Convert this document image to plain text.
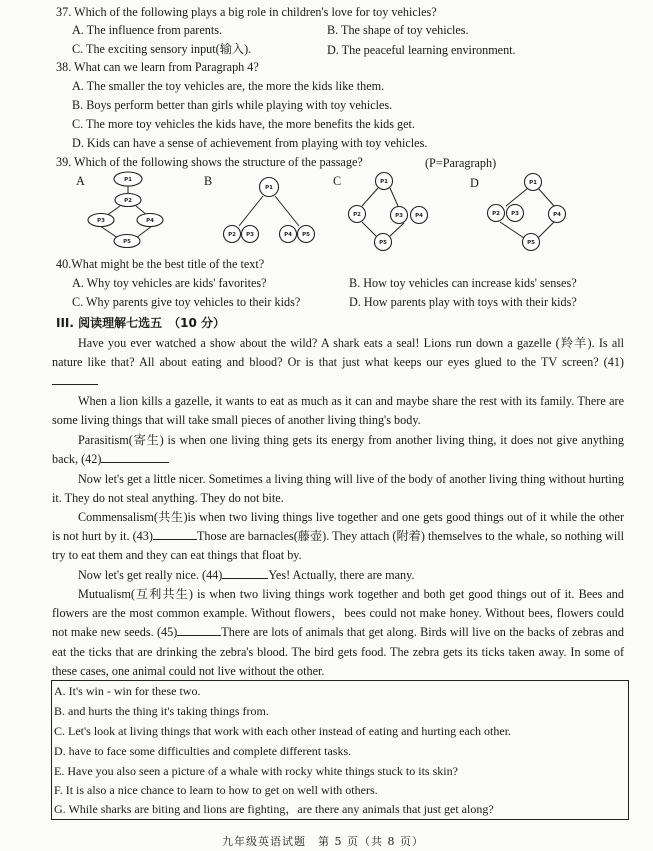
37. Which of the following plays a big role in children's love for toy vehicles?
A. The influence from parents.	B. The shape of toy vehicles.
C. The exciting sensory input(输入).	D. The peaceful learning environment.
38. What can we learn from Paragraph 4?
A. The smaller the toy vehicles are, the more the kids like them.
B. Boys perform better than girls while playing with toy vehicles.
C. The more toy vehicles the kids have, the more benefits the kids get.
D. Kids can have a sense of achievement from playing with toy vehicles.
39. Which of the following shows the structure of the passage?	(P=Paragraph)
A	B	C	D
P1
P2
P3	P4
P5
P1
P2 P3	P4 P5
P1
P2	P3 P4
P5
P1
P2 P3	P4
P5
40.What might be the best title of the text?
A. Why toy vehicles are kids' favorites?	B. How toy vehicles can increase kids' senses?
C. Why parents give toy vehicles to their kids?	D. How parents play with toys with their kids?
III. 阅读理解七选五　（10 分）
Have you ever watched a show about the wild? A shark eats a seal! Lions run down a gazelle (羚羊). Is all nature like that? All about eating and blood? Or is that just what keeps our eyes glued to the TV screen? (41)
When a lion kills a gazelle, it wants to eat as much as it can and maybe share the rest with its family. There are some living things that will take small pieces of another living thing's body.
Parasitism(寄生) is when one living thing gets its energy from another living thing, it does not give anything back, (42)
Now let's get a little nicer. Sometimes a living thing will live of the body of another living thing without hurting it. They do not steal anything. They do not bite.
Commensalism(共生)is when two living things live together and one gets good things out of it while the other is not hurt by it. (43)	Those are barnacles(藤壶). They attach (附着) themselves to the whale, so nothing will try to eat them and they can eat things that float by.
Now let's get really nice. (44)	Yes! Actually, there are many.
Mutualism(互利共生) is when two living things work together and both get good things out of it. Bees and flowers are the most common example. Without flowers，bees could not make honey. Without bees, flowers could not make new seeds. (45)	There are lots of animals that get along. Birds will live on the backs of zebras and eat the ticks that are drinking the zebra's blood. The bird gets food. The zebra gets its ticks taken away. In some of these cases, one animal could not live without the other.
A. It's win - win for these two.
B. and hurts the thing it's taking things from.
C. Let's look at living things that work with each other instead of eating and hurting each other.
D. have to face some difficulties and complete different tasks.
E. Have you also seen a picture of a whale with rocky white things stuck to its skin?
F. It is also a nice chance to learn to how to get on well with others.
G. While sharks are biting and lions are fighting，are there any animals that just get along?
九年级英语试题　第 5 页（共 8 页）
